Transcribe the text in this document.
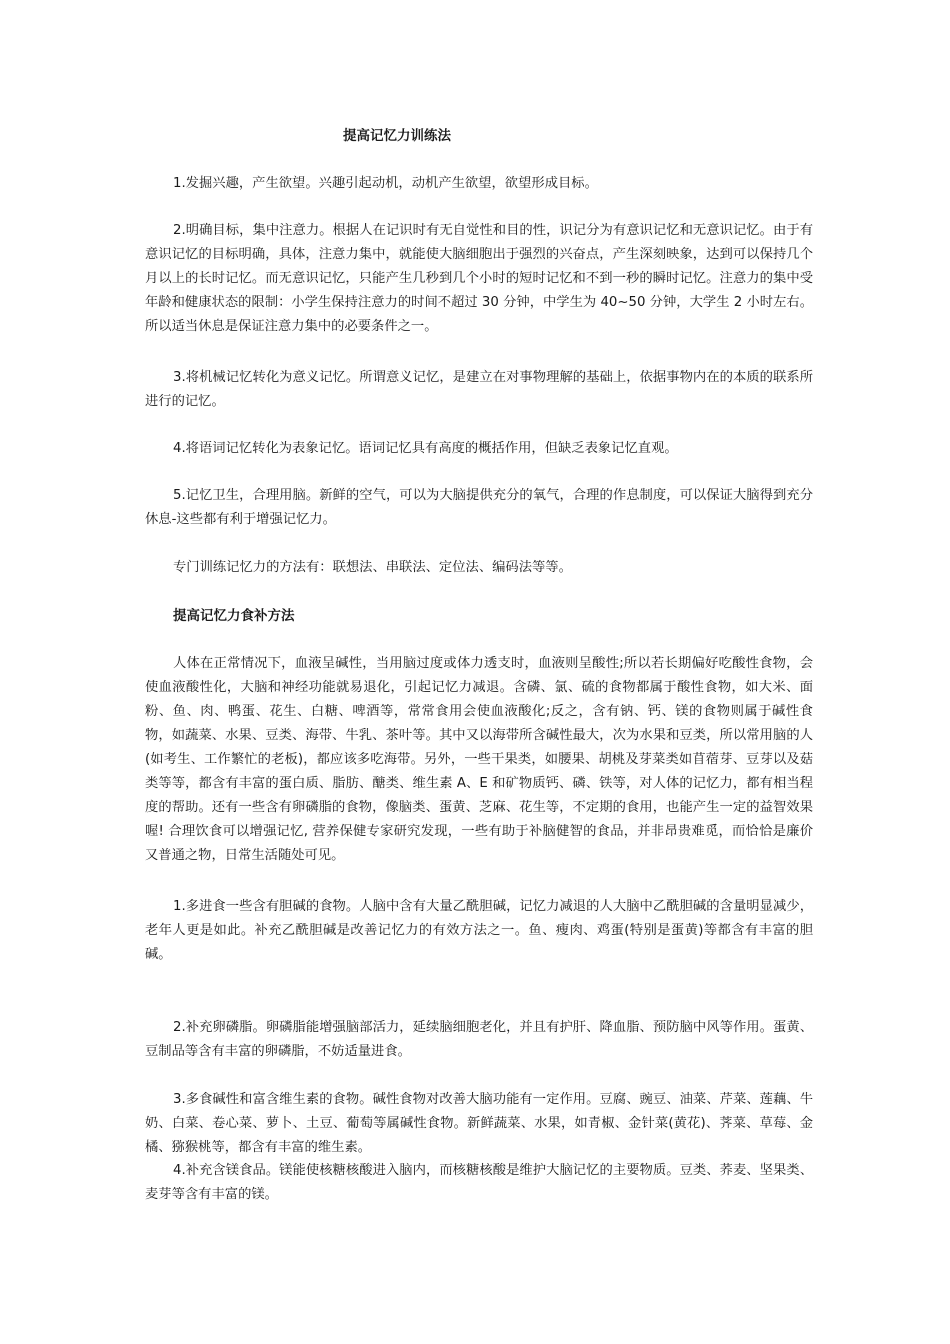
提高记忆力训练法
1.发掘兴趣，产生欲望。兴趣引起动机，动机产生欲望，欲望形成目标。
2.明确目标，集中注意力。根据人在记识时有无自觉性和目的性，识记分为有意识记忆和无意识记忆。由于有意识记忆的目标明确，具体，注意力集中，就能使大脑细胞出于强烈的兴奋点，产生深刻映象，达到可以保持几个月以上的长时记忆。而无意识记忆，只能产生几秒到几个小时的短时记忆和不到一秒的瞬时记忆。注意力的集中受年龄和健康状态的限制：小学生保持注意力的时间不超过 30 分钟，中学生为 40~50 分钟，大学生 2 小时左右。所以适当休息是保证注意力集中的必要条件之一。
3.将机械记忆转化为意义记忆。所谓意义记忆，是建立在对事物理解的基础上，依据事物内在的本质的联系所进行的记忆。
4.将语词记忆转化为表象记忆。语词记忆具有高度的概括作用，但缺乏表象记忆直观。
5.记忆卫生，合理用脑。新鲜的空气，可以为大脑提供充分的氧气，合理的作息制度，可以保证大脑得到充分休息-这些都有利于增强记忆力。
专门训练记忆力的方法有：联想法、串联法、定位法、编码法等等。
提高记忆力食补方法
人体在正常情况下，血液呈碱性，当用脑过度或体力透支时，血液则呈酸性;所以若长期偏好吃酸性食物，会使血液酸性化，大脑和神经功能就易退化，引起记忆力减退。含磷、氯、硫的食物都属于酸性食物，如大米、面粉、鱼、肉、鸭蛋、花生、白糖、啤酒等，常常食用会使血液酸化;反之，含有钠、钙、镁的食物则属于碱性食物，如蔬菜、水果、豆类、海带、牛乳、茶叶等。其中又以海带所含碱性最大，次为水果和豆类，所以常用脑的人(如考生、工作繁忙的老板)，都应该多吃海带。另外，一些干果类，如腰果、胡桃及芽菜类如苜蓿芽、豆芽以及菇类等等，都含有丰富的蛋白质、脂肪、醣类、维生素 A、E 和矿物质钙、磷、铁等，对人体的记忆力，都有相当程度的帮助。还有一些含有卵磷脂的食物，像脑类、蛋黄、芝麻、花生等，不定期的食用，也能产生一定的益智效果喔! 合理饮食可以增强记忆, 营养保健专家研究发现，一些有助于补脑健智的食品，并非昂贵难觅，而恰恰是廉价又普通之物，日常生活随处可见。
1.多进食一些含有胆碱的食物。人脑中含有大量乙酰胆碱，记忆力减退的人大脑中乙酰胆碱的含量明显减少，老年人更是如此。补充乙酰胆碱是改善记忆力的有效方法之一。鱼、瘦肉、鸡蛋(特别是蛋黄)等都含有丰富的胆碱。
2.补充卵磷脂。卵磷脂能增强脑部活力，延续脑细胞老化，并且有护肝、降血脂、预防脑中风等作用。蛋黄、豆制品等含有丰富的卵磷脂，不妨适量进食。
3.多食碱性和富含维生素的食物。碱性食物对改善大脑功能有一定作用。豆腐、豌豆、油菜、芹菜、莲藕、牛奶、白菜、卷心菜、萝卜、土豆、葡萄等属碱性食物。新鲜蔬菜、水果，如青椒、金针菜(黄花)、荠菜、草莓、金橘、猕猴桃等，都含有丰富的维生素。
4.补充含镁食品。镁能使核糖核酸进入脑内，而核糖核酸是维护大脑记忆的主要物质。豆类、荞麦、坚果类、麦芽等含有丰富的镁。
